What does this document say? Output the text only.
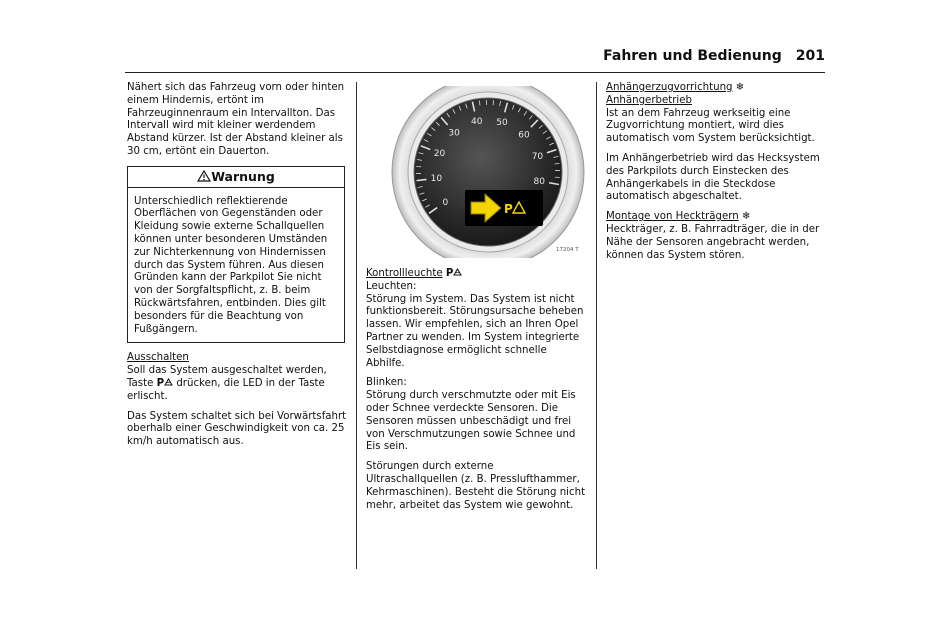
Fahren und Bedienung 201

Nähert sich das Fahrzeug vorn oder hinten einem Hindernis, ertönt im Fahrzeuginnenraum ein Intervallton. Das Intervall wird mit kleiner werdendem Abstand kürzer. Ist der Abstand kleiner als 30 cm, ertönt ein Dauerton.

Warnung
Unterschiedlich reflektierende Oberflächen von Gegenständen oder Kleidung sowie externe Schallquellen können unter besonderen Umständen zur Nichterkennung von Hindernissen durch das System führen. Aus diesen Gründen kann der Parkpilot Sie nicht von der Sorgfaltspflicht, z. B. beim Rückwärtsfahren, entbinden. Dies gilt besonders für die Beachtung von Fußgängern.
Ausschalten

Soll das System ausgeschaltet werden, Taste P drücken, die LED in der Taste erlischt.

Das System schaltet sich bei Vorwärtsfahrt oberhalb einer Geschwindigkeit von ca. 25 km/h automatisch aus.

0
10
20
30
40 50
60
70
80
P
17204 T
Kontrollleuchte P
Leuchten:

Störung im System. Das System ist nicht funktionsbereit. Störungsursache beheben lassen. Wir empfehlen, sich an Ihren Opel Partner zu wenden. Im System integrierte Selbstdiagnose ermöglicht schnelle Abhilfe.

Blinken:

Störung durch verschmutzte oder mit Eis oder Schnee verdeckte Sensoren. Die Sensoren müssen unbeschädigt und frei von Verschmutzungen sowie Schnee und Eis sein.

Störungen durch externe Ultraschallquellen (z. B. Presslufthammer, Kehrmaschinen). Besteht die Störung nicht mehr, arbeitet das System wie gewohnt.

Anhängerzugvorrichtung ❄
Anhängerbetrieb

Ist an dem Fahrzeug werkseitig eine Zugvorrichtung montiert, wird dies automatisch vom System berücksichtigt.

Im Anhängerbetrieb wird das Hecksystem des Parkpilots durch Einstecken des Anhängerkabels in die Steckdose automatisch abgeschaltet.

Montage von Heckträgern ❄

Heckträger, z. B. Fahrradträger, die in der Nähe der Sensoren angebracht werden, können das System stören.
